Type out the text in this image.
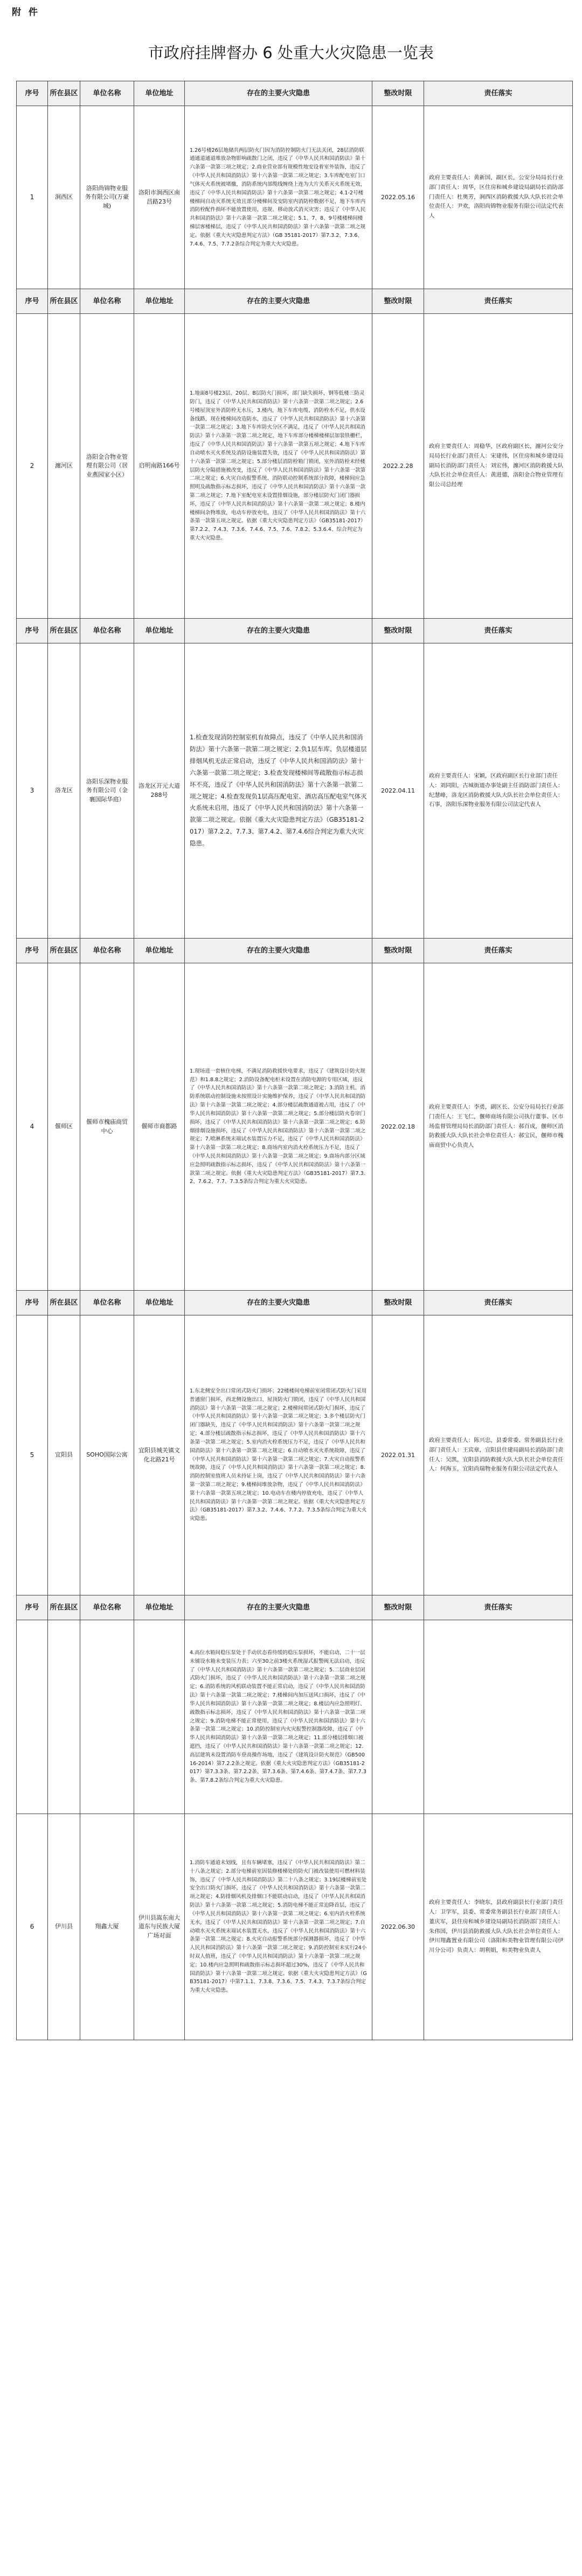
附 件
市政府挂牌督办 6 处重大火灾隐患一览表
序号	所在县区	单位名称	单位地址	存在的主要火灾隐患	整改时限	责任落实
1	涧西区	洛阳尚锦物业服务有限公司(万豪城)	洛阳市涧西区南昌路23号	1.26号楼26层地储共两层防火门因为消防控制防火门无法关闭，28层消防联通通道通道堆放杂物影响疏散门之闭，违反了《中华人民共和国消防法》第十六条第一款第三项之规定；2.商业营业部有规模性地安设着室外装饰，违反了《中华人民共和国消防法》第十六条第一款第二项之规定；3.车库配电室门口气体灭火系统被堵撤，消防系统内部缆线缠绕上连为大片关系灭火系统无效，违反了《中华人民共和国消防法》第十六条第一款第二项之规定；4.1-2号楼楼梯间自动灭系统无效且部分楼梯间及安防室内消防栓数据不足，地下车库内消防栓配件损坏不能放置使用，违规、移动放式消灭灾害；违反了《中华人民共和国消防法》第十六条第一款第二项之规定；5.1、7、8、9号楼楼梯间楼梯层客楼梯层，违反了《中华人民共和国消防法》第十六条第一款第二项之规定。依据《重大火灾隐患判定方法》（GB 35181-2017）第7.3.2、7.3.6、7.4.6、7.5、7.7.2条综合判定为重大火灾隐患。	2022.05.16	政府主要责任人：黄新国，副区长，公安分局局长行业部门责任人：周华，区住房和城乡建设局副局长消防部门责任人：杜奥芳，涧西区消防救援大队大队长社会单位责任人：尹欢，洛阳尚锦物业服务有限公司法定代表人
序号	所在县区	单位名称	单位地址	存在的主要火灾隐患	整改时限	责任落实
2	瀍河区	洛阳金合物业管理有限公司（居业燕园家小区）	启明南路166号	1.地面8号楼23层、20层、B层防火门损坏，部门缺失损坏，钢等低楼三防灵防门，违反了《中华人民共和国消防法》第十六条第一款第二项之规定；2.6号楼屋顶室外消防栓无水压，3.楼内，地下车库电缆、消防栓水不足，供水设备线路，现在楼梯间改造防水，违反了《中华人民共和国消防法》第十六条第一款第二项之规定；3.地下车库防火分区不满足，违反了《中华人民共和国消防法》第十六条第一款第二项之规定，地下车库部分楼梯楼梯层加装铁栅栏，违反了《中华人民共和国消防法》第十六条第一款第五项之规定；4.地下车库自动喷水灭火系统及消防设施装置失效，违反了《中华人民共和国消防法》第十六条第一款第二项之规定；5.部分楼层消防栓箱门锁闭，室外消防栓未经楼层防火分隔措施被改变，违反了《中华人民共和国消防法》第十六条第一款第二项之规定；6.火灾自动报警系统、消防联动控制系统部分故障，楼梯间应急照明及疏散指示标志损坏，违反了《中华人民共和国消防法》第十六条第一款第二项之规定；7.地下室配电室未设置排烟设施，部分楼层防火门闭门器损坏，违反了《中华人民共和国消防法》第十六条第一款第二项之规定；8.楼内楼梯间杂物堆放，电动车停放充电，违反了《中华人民共和国消防法》第十六条第一款第五项之规定。依据《重大火灾隐患判定方法》（GB35181-2017）第7.2.2、7.4.3、7.3.6、7.4.6、7.5、7.6、7.8.2、5.3.6.4、综合判定为重大火灾隐患。	2022.2.28	政府主要责任人：周稳华，区政府副区长，瀍河公安分局局长行业部门责任人：宋建伟，区住房和城乡建设局副局长消防部门责任人：刘宏伟，瀍河区消防救援大队大队长社会单位责任人：黄进德，洛阳金合物业管理有限公司总经理
序号	所在县区	单位名称	单位地址	存在的主要火灾隐患	整改时限	责任落实
3	洛龙区	洛阳乐深物业服务有限公司（金襄国际华庭）	洛龙区开元大道288号	1.检查发现消防控制室机有故障点，违反了《中华人民共和国消防法》第十六条第一款第二项之规定；2.负1层车库、负层楼道层排烟风机无法正常启动，违反了《中华人民共和国消防法》第十六条第一款第二项之规定；3.检查发现楼梯间等疏散指示标志损坏不亮，违反了《中华人民共和国消防法》第十六条第一款第二项之规定；4.检查发现负1层高压配电室、酒店高压配电室气体灭火系统未启用，违反了《中华人民共和国消防法》第十六条第一款第二项之规定。依据《重大火灾隐患判定方法》（GB35181-2017）第7.2.2、7.7.3、第7.4.2、第7.4.6综合判定为重大火灾隐患。	2022.04.11	政府主要责任人：宋颖，区政府副区长行业部门责任人：刘同阳，古城街道办事处副主任消防部门责任人：纪慧峰，洛龙区消防救援大队大队长社会单位责任人：石事，洛阳乐深物业服务有限公司法定代表人
序号	所在县区	单位名称	单位地址	存在的主要火灾隐患	整改时限	责任落实
4	偃师区	偃师市槐庙商贸中心	偃师市商都路	1.现场进一套核住电梯，不满足消防救援快电要求，违反了《建筑设计防火规范》和1.8.8之规定；2.消防设备配电柜未设置在消防电源的专用区域，违反了《中华人民共和国消防法》第十六条第一款第二项之规定；3.消防主机、消防系统联动控制设施未按照设计实施维护保养，违反了《中华人民共和国消防法》第十六条第一款第二项之规定；4.部分楼层疏散通道被占用，违反了《中华人民共和国消防法》第十六条第一款第二项之规定；5.部分楼层防火卷帘门损坏，违反了《中华人民共和国消防法》第十六条第一款第二项之规定；6.防烟排烟设施损坏，违反了《中华人民共和国消防法》第十六条第一款第二项之规定；7.喷淋系统末端试水装置压力不足，违反了《中华人民共和国消防法》第十六条第一款第二项之规定；8.商场内室内消火栓系统压力不足，违反了《中华人民共和国消防法》第十六条第一款第二项之规定；9.商场内部分区域应急照明疏散指示标志损坏，违反了《中华人民共和国消防法》第十六条第一款第二项之规定。依据《重大火灾隐患判定方法》（GB35181-2017）第7.3.2、7.6.2、7.7、7.3.5条综合判定为重大火灾隐患。	2022.02.18	政府主要责任人：李勇，副区长、公安分局局长行业部门责任人：王飞仁，偃师商场有限公司执行董事、区市场监督管理局局长消防部门责任人：郝百成，偃师区消防救援大队大队长社会单位责任人：郝宝民，偃师市槐庙商贸中心负责人
序号	所在县区	单位名称	单位地址	存在的主要火灾隐患	整改时限	责任落实
5	宜阳县	SOHO国际公寓	宜阳县城关镇文化北路21号	1.东北侧安全出口常闭式防火门损坏；22楼楼间电梯前室闭常闭式防火门采用普通窗门损坏，西北侧设施出口、屋顶防火门锁闭，违反了《中华人民共和国消防法》第十六条第一款第二项之规定；2.楼梯间常闭式防火门损坏，违反了《中华人民共和国消防法》第十六条第一款第二项之规定；3.多个楼层防火门闭门器缺失，违反了《中华人民共和国消防法》第十六条第一款第二项之规定；4.部分楼层疏散指示标志损坏，违反了《中华人民共和国消防法》第十六条第一款第二项之规定；5.室内消火栓系统压力不足，违反了《中华人民共和国消防法》第十六条第一款第二项之规定；6.自动喷水灭火系统故障，违反了《中华人民共和国消防法》第十六条第一款第二项之规定；7.火灾自动报警系统故障，违反了《中华人民共和国消防法》第十六条第一款第二项之规定；8.消防控制室值班人员未持证上岗，违反了《中华人民共和国消防法》第十六条第一款第二项之规定；9.楼梯间堆放杂物，违反了《中华人民共和国消防法》第十六条第一款第五项之规定；10.电动车在楼内停放充电，违反了《中华人民共和国消防法》第十六条第一款第二项之规定。依据《重大火灾隐患判定方法》（GB35181-2017）第7.3.2、7.4.6、7.7.2、7.3.5条综合判定为重大火灾隐患。	2022.01.31	政府主要责任人：陈兴忠，县委常委、常务副县长行业部门责任人：王宾章，宜阳县住建局副局长消防部门责任人：吴凯，宜阳县消防救援大队大队长社会单位责任人：何海玉，宜阳尚瑞物业服务有限公司法定代表人
序号	所在县区	单位名称	单位地址	存在的主要火灾隐患	整改时限	责任落实
				4.高位水箱间稳压泵处于手动状态看待缓的稳压泵损坏，不能启动，二十一层未铺设水箱未变装压力表；六至30之前3楼火系统湿式报警阀无法启动，违反了《中华人民共和国消防法》第十六条第一款第二项之规定；5.二层商业层闭式防火门损坏，违反了《中华人民共和国消防法》第十六条第一款第二项之规定；6.消防系统的风机联动装置不能正常启动，违反了《中华人民共和国消防法》第十六条第一款第二项之规定；7.楼梯间内加压送风口损坏，违反了《中华人民共和国消防法》第十六条第一款第二项之规定；8.楼层内应急照明灯、疏散指示标志损坏，违反了《中华人民共和国消防法》第十六条第一款第二项之规定；9.消防电梯不能正常使用，违反了《中华人民共和国消防法》第十六条第一款第二项之规定；10.消防控制室内火灾报警控制器故障，违反了《中华人民共和国消防法》第十六条第一款第二项之规定；11.部分楼层排烟口被遮挡，违反了《中华人民共和国消防法》第十六条第一款第二项之规定；12.高层建筑未设置消防车登高操作场地，违反了《建筑设计防火规范》（GB50016-2014）第7.2.2条之规定。依据《重大火灾隐患判定方法》（GB35181-2017）第7.3.3条、第7.2.2条、第7.3.6条、第7.4.6条、第7.4.7条、第7.7.3条、第7.8.2条综合判定为重大火灾隐患。		
6	伊川县	翔鑫大厦	伊川县嵩东南大道东与民族大厦广场对面	1.消防车通道未划线，且有车辆堵塞，违反了《中华人民共和国消防法》第二十八条之规定；2.部分电梯前室因装修楼梯处的防火门被改装使用可燃材料装饰，违反了《中华人民共和国消防法》第二十八条之规定；3.19层楼梯前室处安全出口防火门损坏，违反了《中华人民共和国消防法》第十六条第一款第二项之规定；4.防排烟风机及排烟口不能联动启动，违反了《中华人民共和国消防法》第十六条第一款第二项之规定；5.消防电梯不能正常迫降首层，违反了《中华人民共和国消防法》第十六条第一款第二项之规定；6.室内消火栓系统无水，违反了《中华人民共和国消防法》第十六条第一款第二项之规定；7.自动喷水灭火系统末端试水装置无水，违反了《中华人民共和国消防法》第十六条第一款第二项之规定；8.火灾自动报警系统部分探测器损坏，违反了《中华人民共和国消防法》第十六条第一款第二项之规定；9.消防控制室未实行24小时双人值班，违反了《中华人民共和国消防法》第十六条第一款第二项之规定；10.楼内应急照明和疏散指示标志损坏超过30%，违反了《中华人民共和国消防法》第十六条第一款第二项之规定。依据《重大火灾隐患判定方法》（GB35181-2017）中第7.1.1、7.3.8、7.3.6、7.5、7.4.3、7.3.7条综合判定为重大火灾隐患。	2022.06.30	政府主要责任人：李晓东，县政府副县长行业部门责任人：卫学军，县委、常委常务副县长行业部门责任人：董庆军，县住房和城乡建设局副局长消防部门责任人：朱伟国，伊川县消防救援大队大队长社会单位责任人：伊川翔鑫置业有限公司（洛阳和美物业管理有限公司伊川分公司）负责人：胡利娟，和美物业负责人
